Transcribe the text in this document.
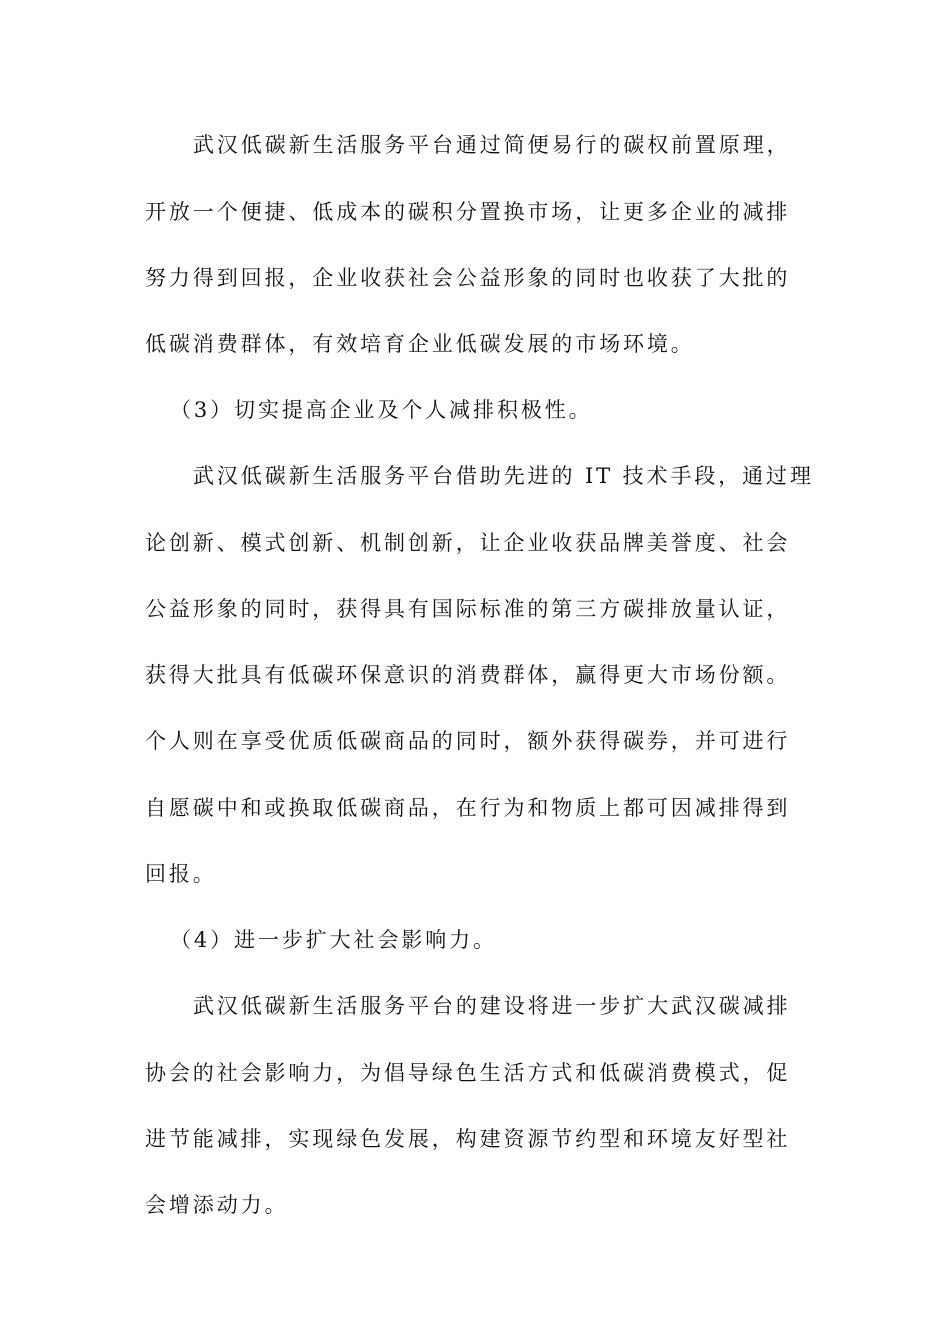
武汉低碳新生活服务平台通过简便易行的碳权前置原理，
开放一个便捷、低成本的碳积分置换市场，让更多企业的减排
努力得到回报，企业收获社会公益形象的同时也收获了大批的
低碳消费群体，有效培育企业低碳发展的市场环境。
（3）切实提高企业及个人减排积极性。
武汉低碳新生活服务平台借助先进的 IT 技术手段，通过理
论创新、模式创新、机制创新，让企业收获品牌美誉度、社会
公益形象的同时，获得具有国际标准的第三方碳排放量认证，
获得大批具有低碳环保意识的消费群体，赢得更大市场份额。
个人则在享受优质低碳商品的同时，额外获得碳券，并可进行
自愿碳中和或换取低碳商品，在行为和物质上都可因减排得到
回报。
（4）进一步扩大社会影响力。
武汉低碳新生活服务平台的建设将进一步扩大武汉碳减排
协会的社会影响力，为倡导绿色生活方式和低碳消费模式，促
进节能减排，实现绿色发展，构建资源节约型和环境友好型社
会增添动力。
